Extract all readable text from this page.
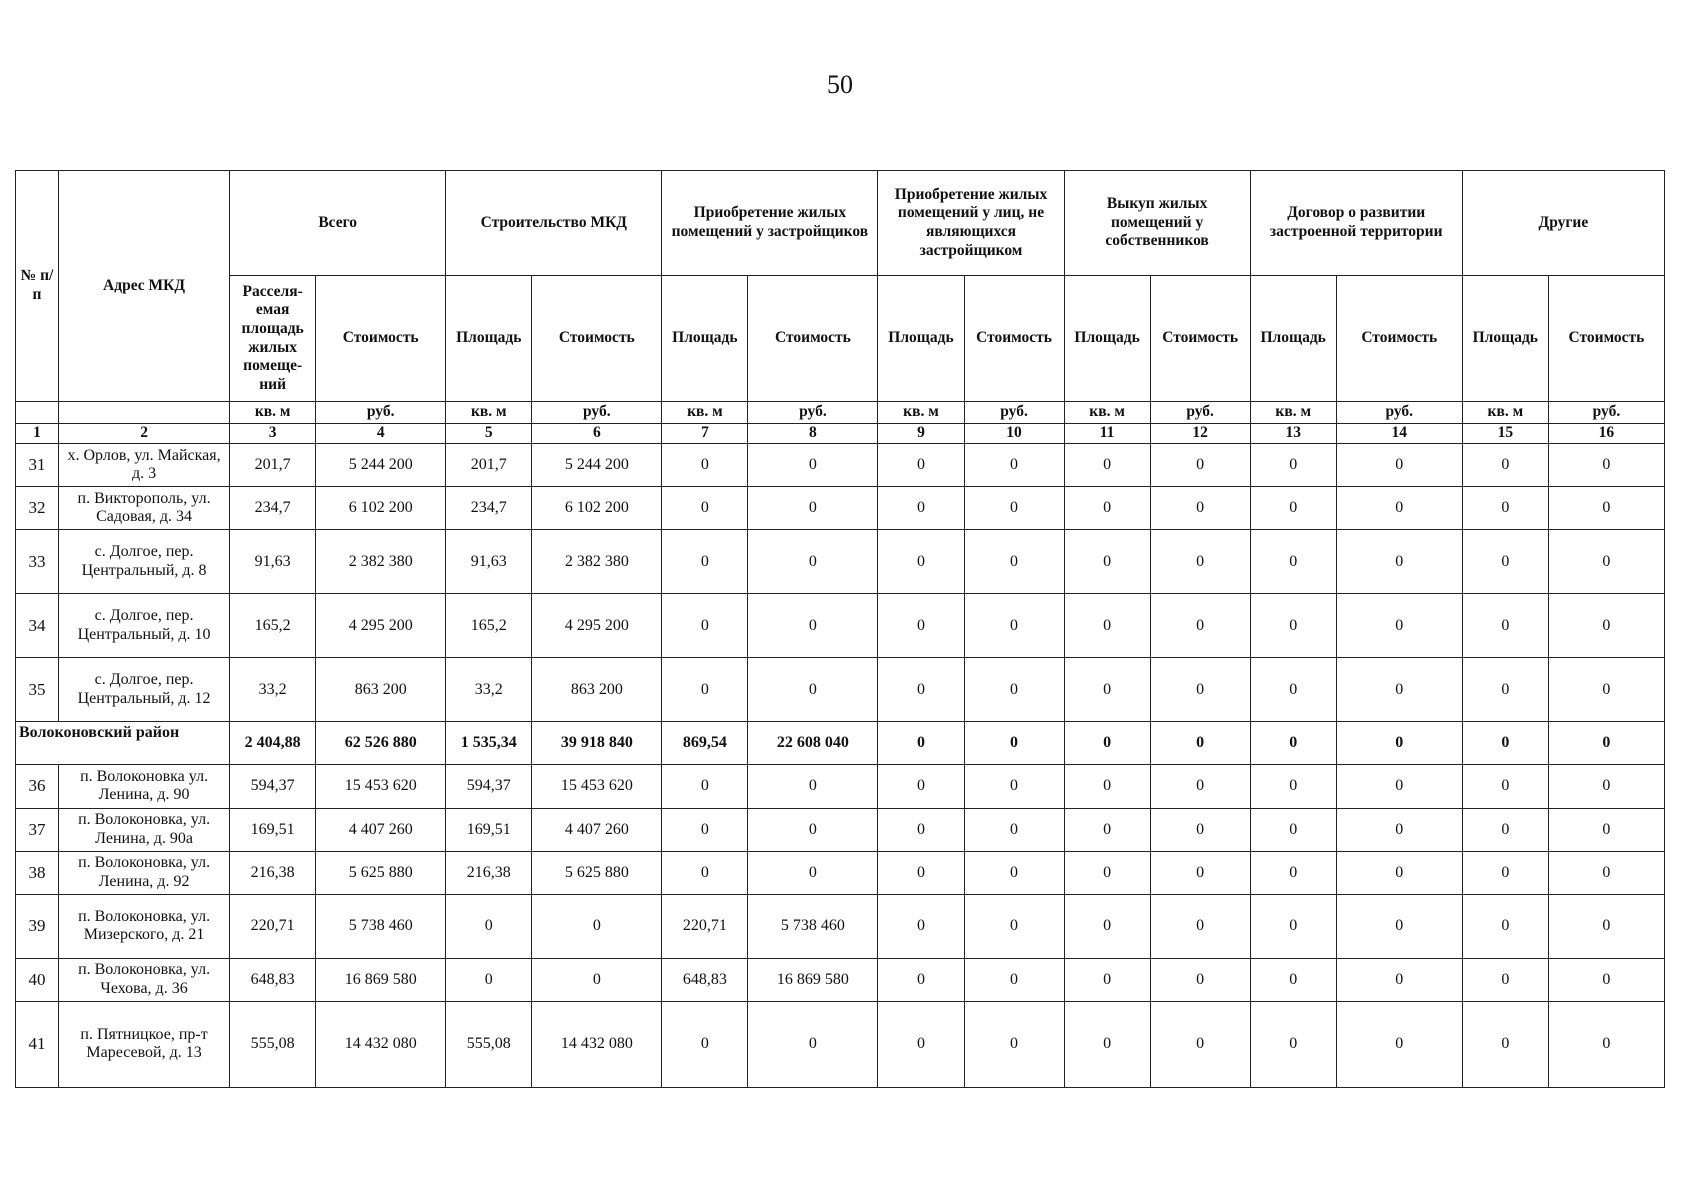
50
№ п/п	Адрес МКД	Всего		Строительство МКД		Приобретение жилых помещений у застройщиков		Приобретение жилых помещений у лиц, не являющихся застройщиком		Выкуп жилых помещений у собственников		Договор о развитии застроенной территории		Другие	
		Расселя-емая площадь жилых помеще-ний	Стоимость	Площадь	Стоимость	Площадь	Стоимость	Площадь	Стоимость	Площадь	Стоимость	Площадь	Стоимость	Площадь	Стоимость
		кв. м	руб.	кв. м	руб.	кв. м	руб.	кв. м	руб.	кв. м	руб.	кв. м	руб.	кв. м	руб.
1	2	3	4	5	6	7	8	9	10	11	12	13	14	15	16
31	х. Орлов, ул. Майская, д. 3	201,7	5 244 200	201,7	5 244 200	0	0	0	0	0	0	0	0	0	0
32	п. Викторополь, ул. Садовая, д. 34	234,7	6 102 200	234,7	6 102 200	0	0	0	0	0	0	0	0	0	0
33	с. Долгое, пер. Центральный, д. 8	91,63	2 382 380	91,63	2 382 380	0	0	0	0	0	0	0	0	0	0
34	с. Долгое, пер. Центральный, д. 10	165,2	4 295 200	165,2	4 295 200	0	0	0	0	0	0	0	0	0	0
35	с. Долгое, пер. Центральный, д. 12	33,2	863 200	33,2	863 200	0	0	0	0	0	0	0	0	0	0
Волоконовский район		2 404,88	62 526 880	1 535,34	39 918 840	869,54	22 608 040	0	0	0	0	0	0	0	0
36	п. Волоконовка ул. Ленина, д. 90	594,37	15 453 620	594,37	15 453 620	0	0	0	0	0	0	0	0	0	0
37	п. Волоконовка, ул. Ленина, д. 90а	169,51	4 407 260	169,51	4 407 260	0	0	0	0	0	0	0	0	0	0
38	п. Волоконовка, ул. Ленина, д. 92	216,38	5 625 880	216,38	5 625 880	0	0	0	0	0	0	0	0	0	0
39	п. Волоконовка, ул. Мизерского, д. 21	220,71	5 738 460	0	0	220,71	5 738 460	0	0	0	0	0	0	0	0
40	п. Волоконовка, ул. Чехова, д. 36	648,83	16 869 580	0	0	648,83	16 869 580	0	0	0	0	0	0	0	0
41	п. Пятницкое, пр-т Маресевой, д. 13	555,08	14 432 080	555,08	14 432 080	0	0	0	0	0	0	0	0	0	0
